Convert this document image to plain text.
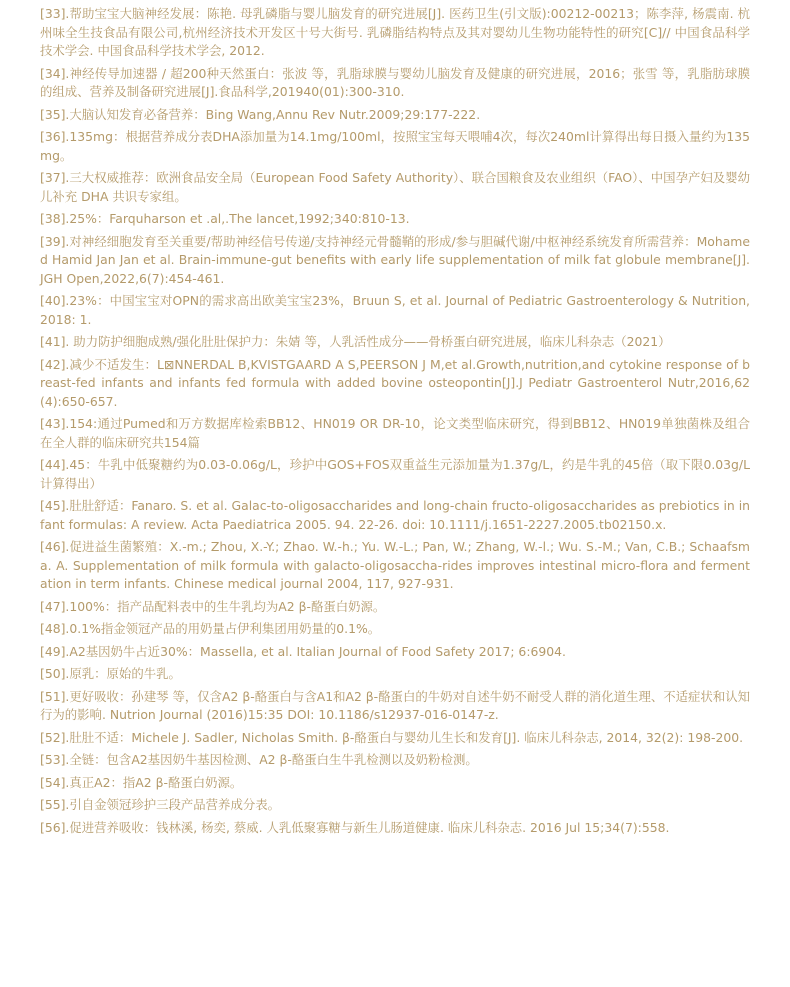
[33].帮助宝宝大脑神经发展：陈艳. 母乳磷脂与婴儿脑发育的研究进展[J]. 医药卫生(引文版):00212-00213；陈李萍, 杨震南. 杭州味全生技食品有限公司,杭州经济技术开发区十号大街号. 乳磷脂结构特点及其对婴幼儿生物功能特性的研究[C]// 中国食品科学技术学会. 中国食品科学技术学会, 2012.

[34].神经传导加速器 / 超200种天然蛋白：张波 等，乳脂球膜与婴幼儿脑发育及健康的研究进展，2016；张雪 等，乳脂肪球膜的组成、营养及制备研究进展[J].食品科学,201940(01):300-310.

[35].大脑认知发育必备营养：Bing Wang,Annu Rev Nutr.2009;29:177-222.

[36].135mg：根据营养成分表DHA添加量为14.1mg/100ml，按照宝宝每天喂哺4次，每次240ml计算得出每日摄入量约为135mg。

[37].三大权威推荐：欧洲食品安全局（European Food Safety Authority）、联合国粮食及农业组织（FAO）、中国孕产妇及婴幼儿补充 DHA 共识专家组。

[38].25%：Farquharson et .al,.The lancet,1992;340:810-13.

[39].对神经细胞发育至关重要/帮助神经信号传递/支持神经元骨髓鞘的形成/参与胆碱代谢/中枢神经系统发育所需营养：Mohamed Hamid Jan Jan et al. Brain-immune-gut benefits with early life supplementation of milk fat globule membrane[J]. JGH Open,2022,6(7):454-461.

[40].23%：中国宝宝对OPN的需求高出欧美宝宝23%，Bruun S, et al. Journal of Pediatric Gastroenterology & Nutrition, 2018: 1.

[41]. 助力防护细胞成熟/强化肚肚保护力：朱婧 等，人乳活性成分——骨桥蛋白研究进展，临床儿科杂志（2021）

[42].减少不适发生：L⊠NNERDAL B,KVISTGAARD A S,PEERSON J M,et al.Growth,nutrition,and cytokine response of breast-fed infants and infants fed formula with added bovine osteopontin[J].J Pediatr Gastroenterol Nutr,2016,62(4):650-657.

[43].154:通过Pumed和万方数据库检索BB12、HN019 OR DR-10，论文类型临床研究，得到BB12、HN019单独菌株及组合在全人群的临床研究共154篇

[44].45：牛乳中低聚糖约为0.03-0.06g/L，珍护中GOS+FOS双重益生元添加量为1.37g/L，约是牛乳的45倍（取下限0.03g/L计算得出）

[45].肚肚舒适：Fanaro. S. et al. Galac-to-oligosaccharides and long-chain fructo-oligosaccharides as prebiotics in infant formulas: A review. Acta Paediatrica 2005. 94. 22-26. doi: 10.1111/j.1651-2227.2005.tb02150.x.

[46].促进益生菌繁殖：X.-m.; Zhou, X.-Y.; Zhao. W.-h.; Yu. W.-L.; Pan, W.; Zhang, W.-l.; Wu. S.-M.; Van, C.B.; Schaafsma. A. Supplementation of milk formula with galacto-oligosaccha-rides improves intestinal micro-flora and fermentation in term infants. Chinese medical journal 2004, 117, 927-931.

[47].100%：指产品配料表中的生牛乳均为A2 β-酪蛋白奶源。

[48].0.1%指金领冠产品的用奶量占伊利集团用奶量的0.1%。

[49].A2基因奶牛占近30%：Massella, et al. Italian Journal of Food Safety 2017; 6:6904.

[50].原乳：原始的牛乳。

[51].更好吸收：孙建琴 等，仅含A2 β-酪蛋白与含A1和A2 β-酪蛋白的牛奶对自述牛奶不耐受人群的消化道生理、不适症状和认知行为的影响. Nutrion Journal (2016)15:35 DOI: 10.1186/s12937-016-0147-z.

[52].肚肚不适：Michele J. Sadler, Nicholas Smith. β-酪蛋白与婴幼儿生长和发育[J]. 临床儿科杂志, 2014, 32(2): 198-200.

[53].全链：包含A2基因奶牛基因检测、A2 β-酪蛋白生牛乳检测以及奶粉检测。

[54].真正A2：指A2 β-酪蛋白奶源。

[55].引自金领冠珍护三段产品营养成分表。

[56].促进营养吸收：钱林溪, 杨奕, 蔡威. 人乳低聚寡糖与新生儿肠道健康. 临床儿科杂志. 2016 Jul 15;34(7):558.
